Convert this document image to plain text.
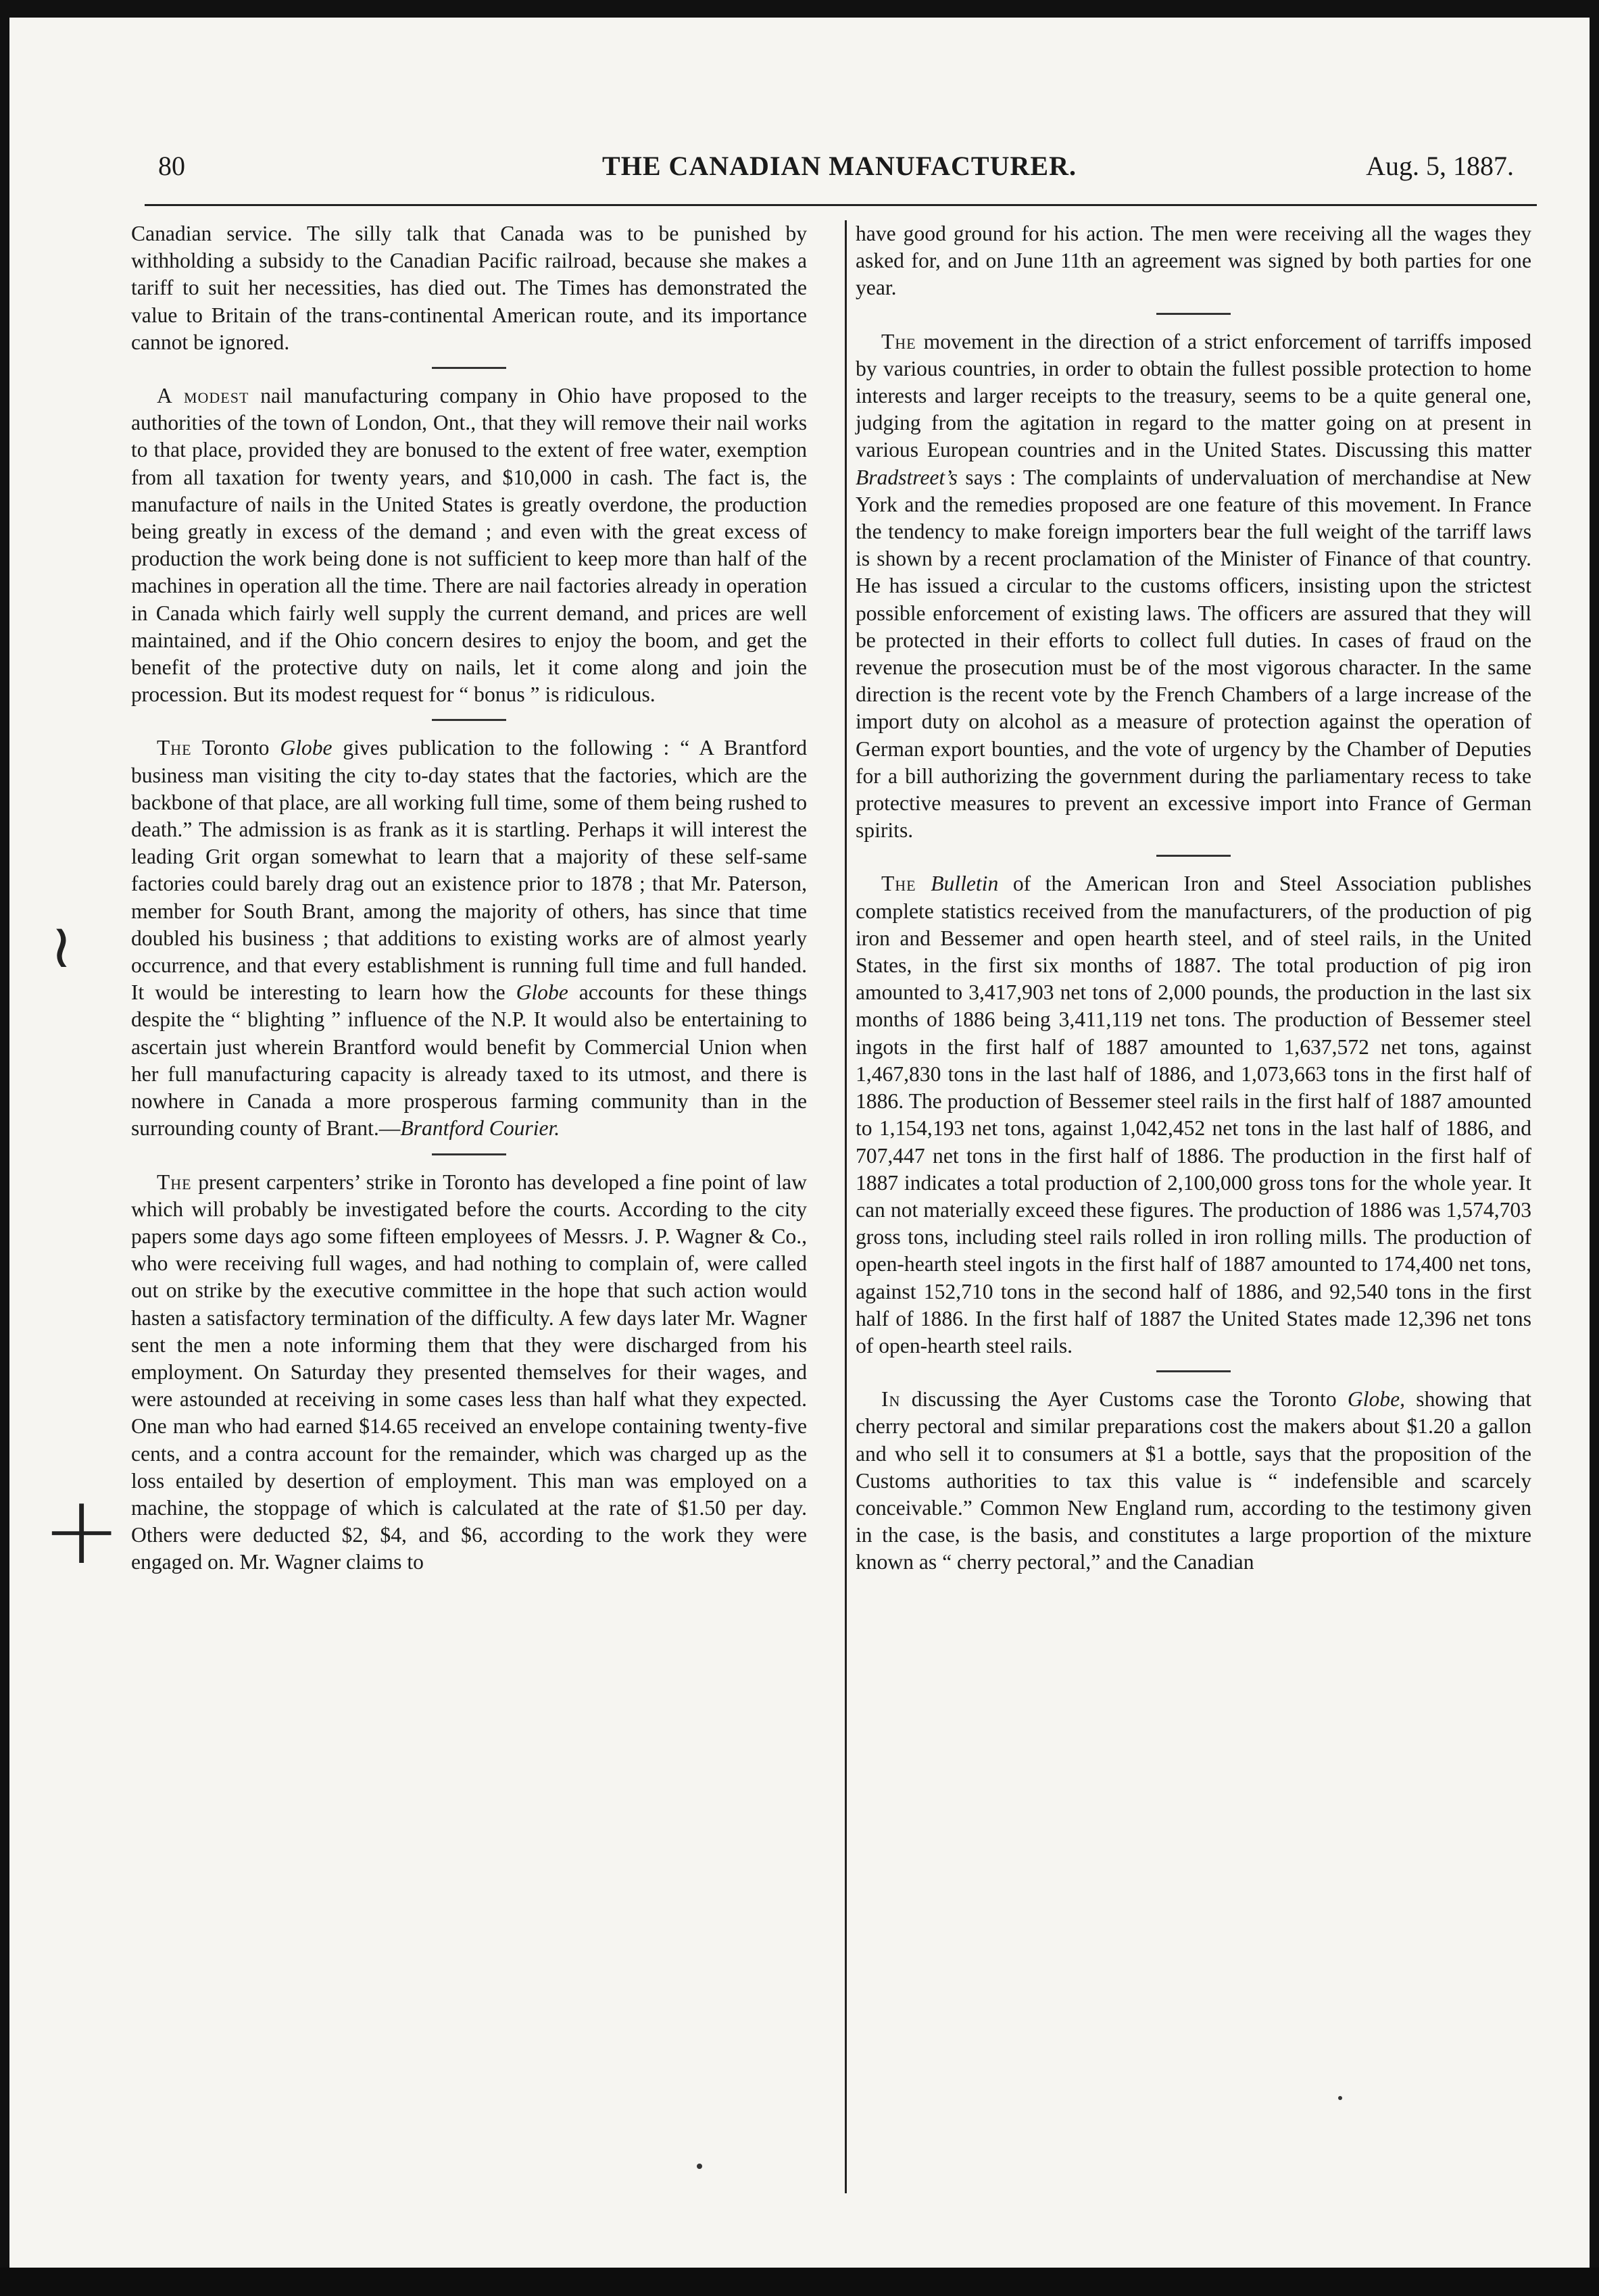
80	THE CANADIAN MANUFACTURER.	Aug. 5, 1887.

Canadian service. The silly talk that Canada was to be punished by withholding a subsidy to the Canadian Pacific railroad, because she makes a tariff to suit her necessities, has died out. The Times has demonstrated the value to Britain of the trans-continental American route, and its importance cannot be ignored.

A modest nail manufacturing company in Ohio have proposed to the authorities of the town of London, Ont., that they will remove their nail works to that place, provided they are bonused to the extent of free water, exemption from all taxation for twenty years, and $10,000 in cash. The fact is, the manufacture of nails in the United States is greatly overdone, the production being greatly in excess of the demand ; and even with the great excess of production the work being done is not sufficient to keep more than half of the machines in operation all the time. There are nail factories already in operation in Canada which fairly well supply the current demand, and prices are well maintained, and if the Ohio concern desires to enjoy the boom, and get the benefit of the protective duty on nails, let it come along and join the procession. But its modest request for “ bonus ” is ridiculous.

The Toronto Globe gives publication to the following : “ A Brantford business man visiting the city to-day states that the factories, which are the backbone of that place, are all working full time, some of them being rushed to death.” The admission is as frank as it is startling. Perhaps it will interest the leading Grit organ somewhat to learn that a majority of these self-same factories could barely drag out an existence prior to 1878 ; that Mr. Paterson, member for South Brant, among the majority of others, has since that time doubled his business ; that additions to existing works are of almost yearly occurrence, and that every establishment is running full time and full handed. It would be interesting to learn how the Globe accounts for these things despite the “ blighting ” influence of the N.P. It would also be entertaining to ascertain just wherein Brantford would benefit by Commercial Union when her full manufacturing capacity is already taxed to its utmost, and there is nowhere in Canada a more prosperous farming community than in the surrounding county of Brant.—Brantford Courier.

The present carpenters’ strike in Toronto has developed a fine point of law which will probably be investigated before the courts. According to the city papers some days ago some fifteen employees of Messrs. J. P. Wagner & Co., who were receiving full wages, and had nothing to complain of, were called out on strike by the executive committee in the hope that such action would hasten a satisfactory termination of the difficulty. A few days later Mr. Wagner sent the men a note informing them that they were discharged from his employment. On Saturday they presented themselves for their wages, and were astounded at receiving in some cases less than half what they expected. One man who had earned $14.65 received an envelope containing twenty-five cents, and a contra account for the remainder, which was charged up as the loss entailed by desertion of employment. This man was employed on a machine, the stoppage of which is calculated at the rate of $1.50 per day. Others were deducted $2, $4, and $6, according to the work they were engaged on. Mr. Wagner claims to

have good ground for his action. The men were receiving all the wages they asked for, and on June 11th an agreement was signed by both parties for one year.

The movement in the direction of a strict enforcement of tarriffs imposed by various countries, in order to obtain the fullest possible protection to home interests and larger receipts to the treasury, seems to be a quite general one, judging from the agitation in regard to the matter going on at present in various European countries and in the United States. Discussing this matter Bradstreet’s says : The complaints of undervaluation of merchandise at New York and the remedies proposed are one feature of this movement. In France the tendency to make foreign importers bear the full weight of the tarriff laws is shown by a recent proclamation of the Minister of Finance of that country. He has issued a circular to the customs officers, insisting upon the strictest possible enforcement of existing laws. The officers are assured that they will be protected in their efforts to collect full duties. In cases of fraud on the revenue the prosecution must be of the most vigorous character. In the same direction is the recent vote by the French Chambers of a large increase of the import duty on alcohol as a measure of protection against the operation of German export bounties, and the vote of urgency by the Chamber of Deputies for a bill authorizing the government during the parliamentary recess to take protective measures to prevent an excessive import into France of German spirits.

The Bulletin of the American Iron and Steel Association publishes complete statistics received from the manufacturers, of the production of pig iron and Bessemer and open hearth steel, and of steel rails, in the United States, in the first six months of 1887. The total production of pig iron amounted to 3,417,903 net tons of 2,000 pounds, the production in the last six months of 1886 being 3,411,119 net tons. The production of Bessemer steel ingots in the first half of 1887 amounted to 1,637,572 net tons, against 1,467,830 tons in the last half of 1886, and 1,073,663 tons in the first half of 1886. The production of Bessemer steel rails in the first half of 1887 amounted to 1,154,193 net tons, against 1,042,452 net tons in the last half of 1886, and 707,447 net tons in the first half of 1886. The production in the first half of 1887 indicates a total production of 2,100,000 gross tons for the whole year. It can not materially exceed these figures. The production of 1886 was 1,574,703 gross tons, including steel rails rolled in iron rolling mills. The production of open-hearth steel ingots in the first half of 1887 amounted to 174,400 net tons, against 152,710 tons in the second half of 1886, and 92,540 tons in the first half of 1886. In the first half of 1887 the United States made 12,396 net tons of open-hearth steel rails.

In discussing the Ayer Customs case the Toronto Globe, showing that cherry pectoral and similar preparations cost the makers about $1.20 a gallon and who sell it to consumers at $1 a bottle, says that the proposition of the Customs authorities to tax this value is “ indefensible and scarcely conceivable.” Common New England rum, according to the testimony given in the case, is the basis, and constitutes a large proportion of the mixture known as “ cherry pectoral,” and the Canadian

≀
+
